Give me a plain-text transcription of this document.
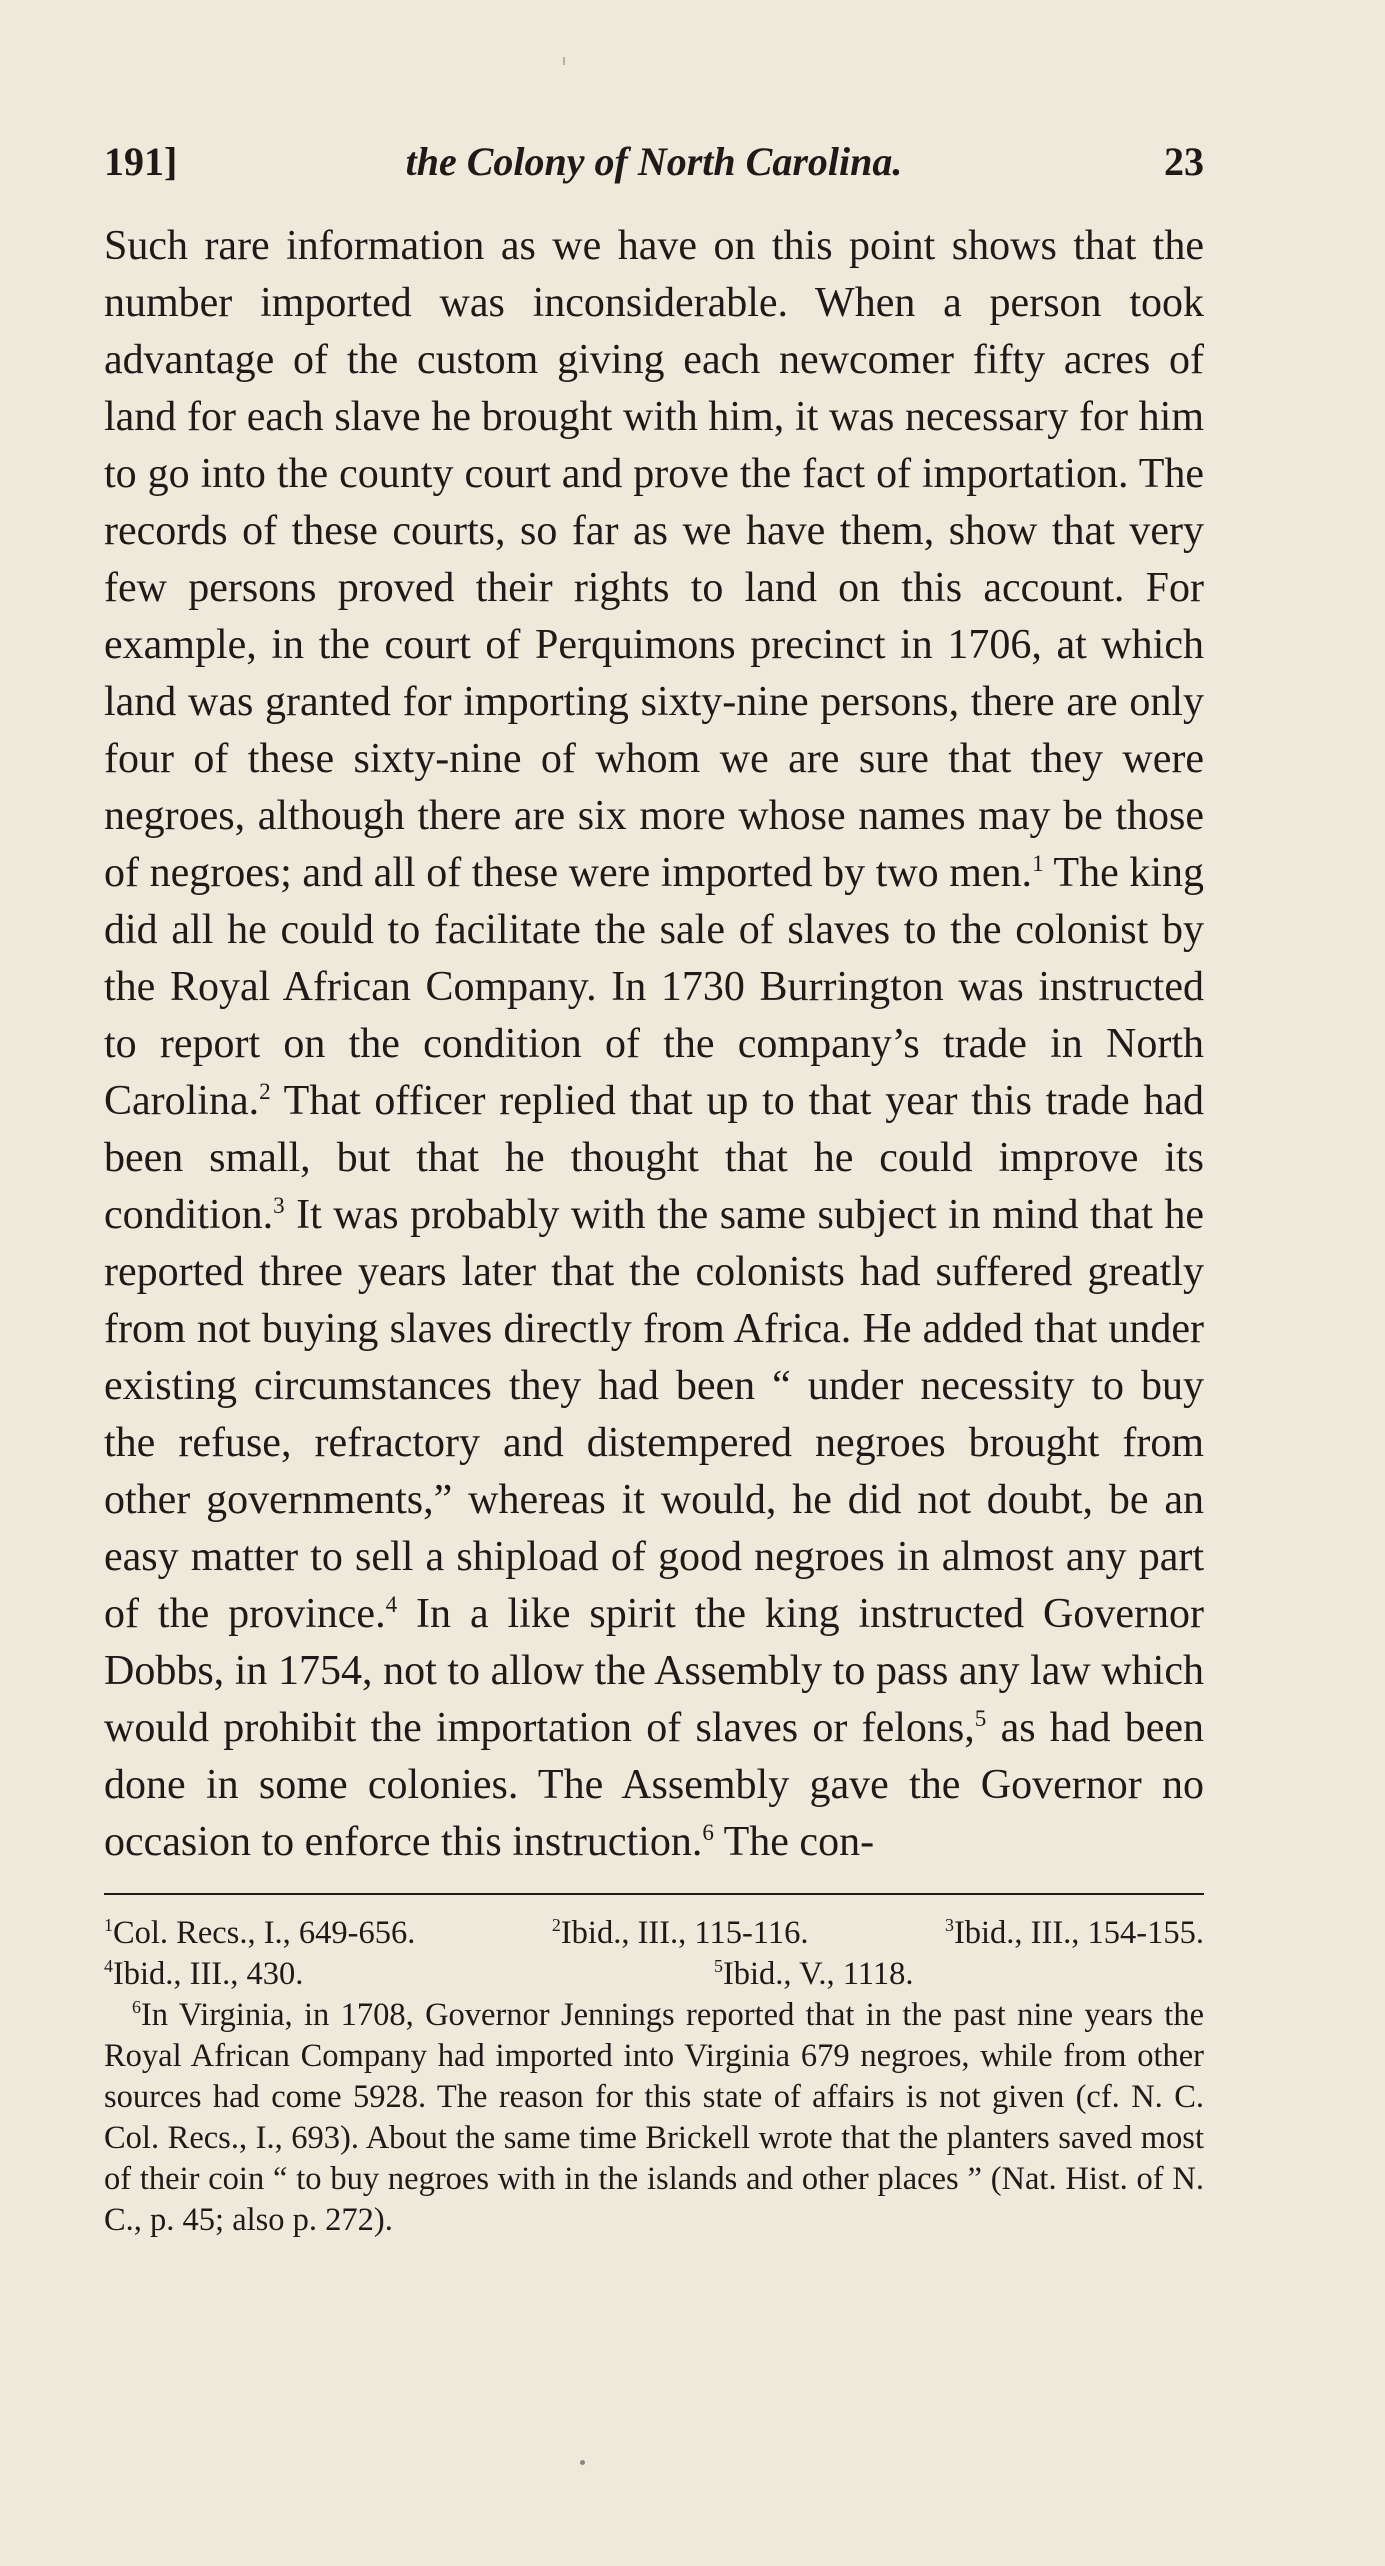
191]	the Colony of North Carolina.	23
Such rare information as we have on this point shows that the number imported was inconsiderable. When a person took advantage of the custom giving each newcomer fifty acres of land for each slave he brought with him, it was necessary for him to go into the county court and prove the fact of importation. The records of these courts, so far as we have them, show that very few persons proved their rights to land on this account. For example, in the court of Perquimons precinct in 1706, at which land was granted for importing sixty-nine persons, there are only four of these sixty-nine of whom we are sure that they were negroes, although there are six more whose names may be those of negroes; and all of these were imported by two men.$^1$ The king did all he could to facilitate the sale of slaves to the colonist by the Royal African Company. In 1730 Burrington was instructed to report on the condition of the company’s trade in North Carolina.$^2$ That officer replied that up to that year this trade had been small, but that he thought that he could improve its condition.$^3$ It was probably with the same subject in mind that he reported three years later that the colonists had suffered greatly from not buying slaves directly from Africa. He added that under existing circumstances they had been “ under necessity to buy the refuse, refractory and distempered negroes brought from other governments,” whereas it would, he did not doubt, be an easy matter to sell a shipload of good negroes in almost any part of the province.$^4$ In a like spirit the king instructed Governor Dobbs, in 1754, not to allow the Assembly to pass any law which would prohibit the importation of slaves or felons,$^5$ as had been done in some colonies. The Assembly gave the Governor no occasion to enforce this instruction.$^6$ The con-
$^1$Col. Recs., I., 649-656.	$^2$Ibid., III., 115-116.	$^3$Ibid., III., 154-155.
$^4$Ibid., III., 430.	$^5$Ibid., V., 1118.
$^6$In Virginia, in 1708, Governor Jennings reported that in the past nine years the Royal African Company had imported into Virginia 679 negroes, while from other sources had come 5928. The reason for this state of affairs is not given (cf. N. C. Col. Recs., I., 693). About the same time Brickell wrote that the planters saved most of their coin “ to buy negroes with in the islands and other places ” (Nat. Hist. of N. C., p. 45; also p. 272).
